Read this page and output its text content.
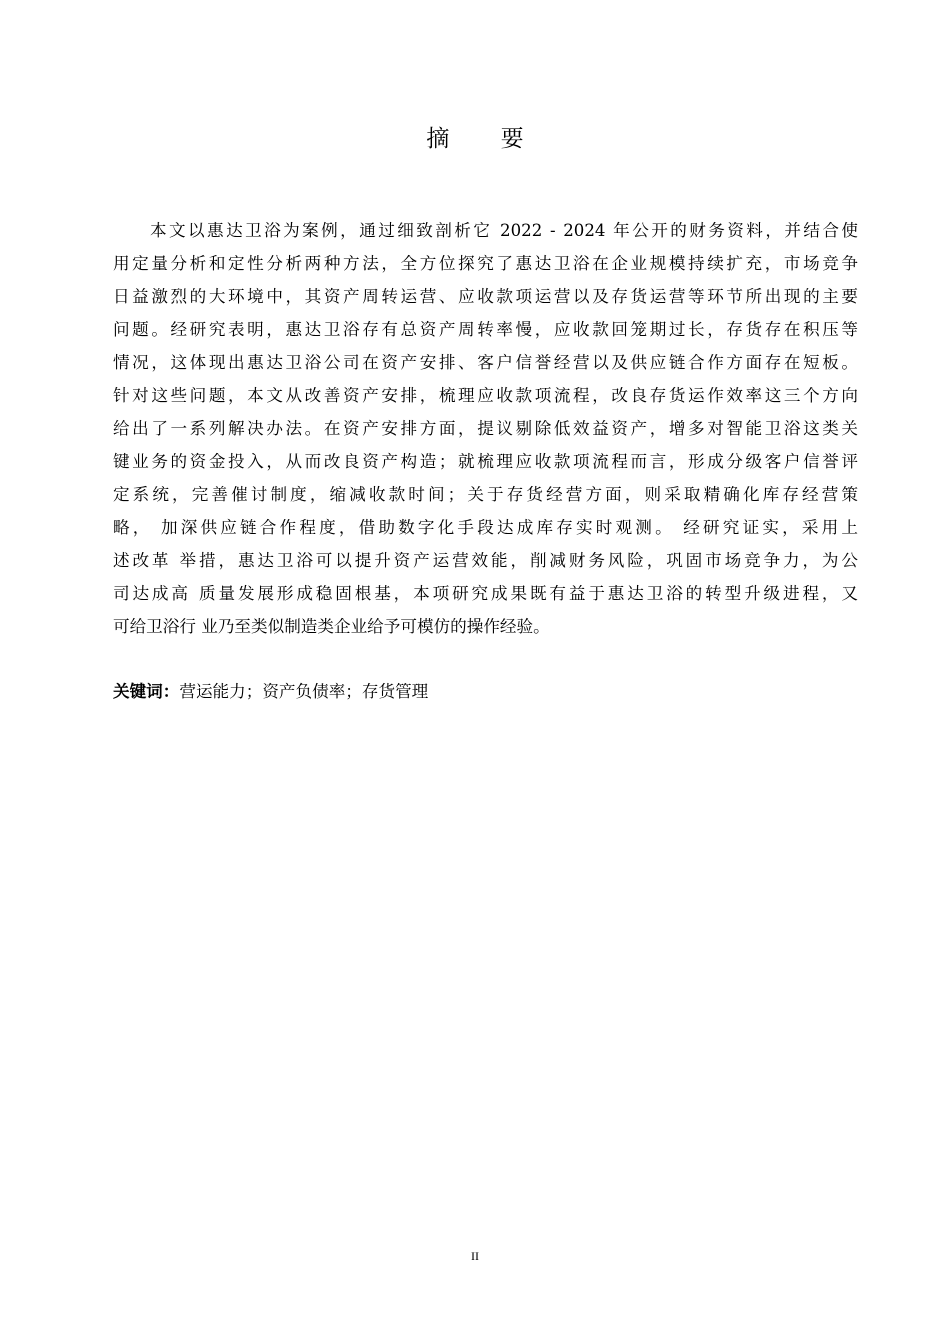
摘 要
本文以惠达卫浴为案例，通过细致剖析它 2022 - 2024 年公开的财务资料，并结合使
用定量分析和定性分析两种方法，全方位探究了惠达卫浴在企业规模持续扩充，市场竞争
日益激烈的大环境中，其资产周转运营、应收款项运营以及存货运营等环节所出现的主要
问题。经研究表明，惠达卫浴存有总资产周转率慢，应收款回笼期过长，存货存在积压等
情况，这体现出惠达卫浴公司在资产安排、客户信誉经营以及供应链合作方面存在短板。
针对这些问题，本文从改善资产安排，梳理应收款项流程，改良存货运作效率这三个方向
给出了一系列解决办法。在资产安排方面，提议剔除低效益资产，增多对智能卫浴这类关
键业务的资金投入，从而改良资产构造；就梳理应收款项流程而言，形成分级客户信誉评
定系统，完善催讨制度，缩减收款时间；关于存货经营方面，则采取精确化库存经营策
略， 加深供应链合作程度，借助数字化手段达成库存实时观测。 经研究证实，采用上
述改革 举措，惠达卫浴可以提升资产运营效能，削减财务风险，巩固市场竞争力，为公
司达成高 质量发展形成稳固根基，本项研究成果既有益于惠达卫浴的转型升级进程，又
可给卫浴行 业乃至类似制造类企业给予可模仿的操作经验。
关键词：营运能力；资产负债率；存货管理
II
